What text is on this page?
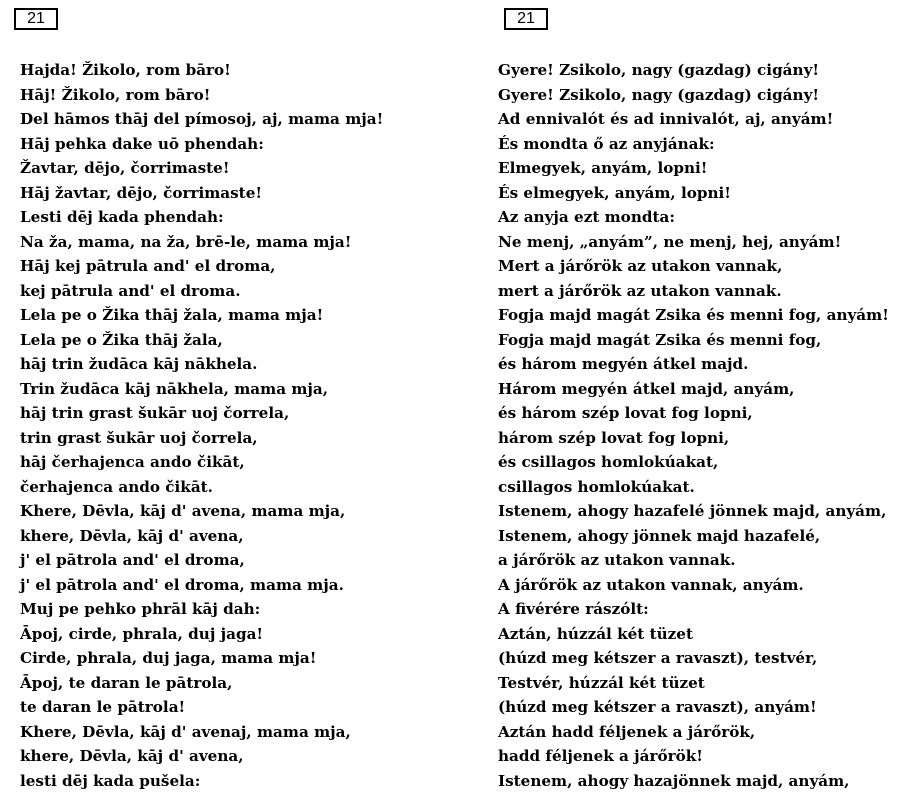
21
Hajda! Žikolo, rom bāro!
Hāj! Žikolo, rom bāro!
Del hāmos thāj del pímosoj, aj, mama mja!
Hāj pehka dake uō phendah:
Žavtar, dējo, čorrimaste!
Hāj žavtar, dējo, čorrimaste!
Lesti dēj kada phendah:
Na ža, mama, na ža, brē-le, mama mja!
Hāj kej pātrula and' el droma,
kej pātrula and' el droma.
Lela pe o Žika thāj žala, mama mja!
Lela pe o Žika thāj žala,
hāj trin žudāca kāj nākhela.
Trin žudāca kāj nākhela, mama mja,
hāj trin grast šukār uoj čorrela,
trin grast šukār uoj čorrela,
hāj čerhajenca ando čikāt,
čerhajenca ando čikāt.
Khere, Dēvla, kāj d' avena, mama mja,
khere, Dēvla, kāj d' avena,
j' el pātrola and' el droma,
j' el pātrola and' el droma, mama mja.
Muj pe pehko phrāl kāj dah:
Āpoj, cirde, phrala, duj jaga!
Cirde, phrala, duj jaga, mama mja!
Āpoj, te daran le pātrola,
te daran le pātrola!
Khere, Dēvla, kāj d' avenaj, mama mja,
khere, Dēvla, kāj d' avena,
lesti dēj kada pušela:
21
Gyere! Zsikolo, nagy (gazdag) cigány!
Gyere! Zsikolo, nagy (gazdag) cigány!
Ad ennivalót és ad innivalót, aj, anyám!
És mondta ő az anyjának:
Elmegyek, anyám, lopni!
És elmegyek, anyám, lopni!
Az anyja ezt mondta:
Ne menj, „anyám”, ne menj, hej, anyám!
Mert a járőrök az utakon vannak,
mert a járőrök az utakon vannak.
Fogja majd magát Zsika és menni fog, anyám!
Fogja majd magát Zsika és menni fog,
és három megyén átkel majd.
Három megyén átkel majd, anyám,
és három szép lovat fog lopni,
három szép lovat fog lopni,
és csillagos homlokúakat,
csillagos homlokúakat.
Istenem, ahogy hazafelé jönnek majd, anyám,
Istenem, ahogy jönnek majd hazafelé,
a járőrök az utakon vannak.
A járőrök az utakon vannak, anyám.
A fivérére rászólt:
Aztán, húzzál két tüzet
(húzd meg kétszer a ravaszt), testvér,
Testvér, húzzál két tüzet
(húzd meg kétszer a ravaszt), anyám!
Aztán hadd féljenek a járőrök,
hadd féljenek a járőrök!
Istenem, ahogy hazajönnek majd, anyám,
